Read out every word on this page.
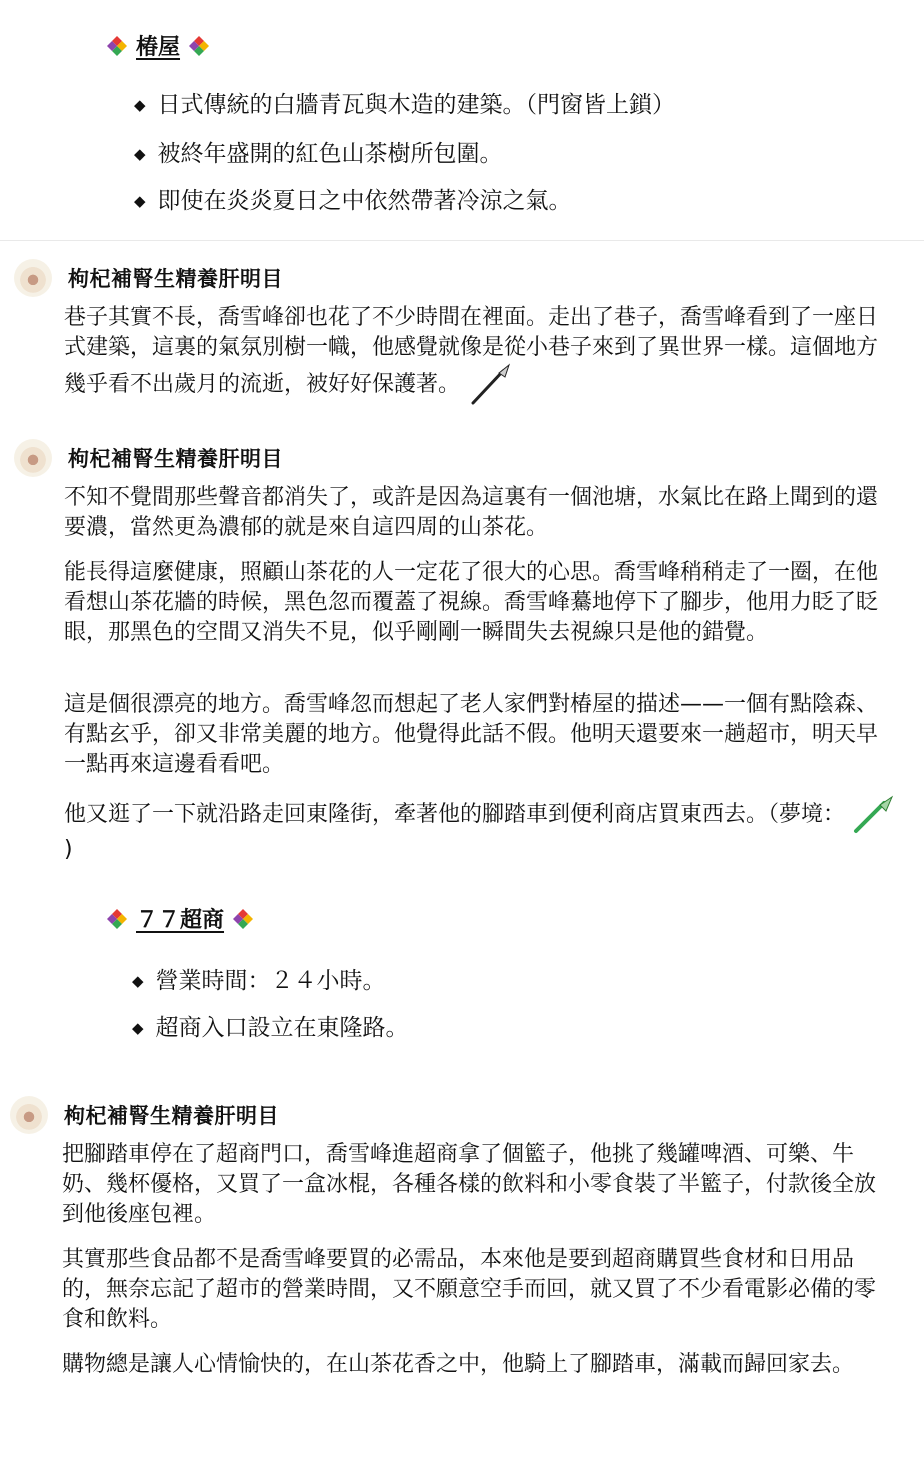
椿屋
◆ 日式傳統的白牆青瓦與木造的建築。（門窗皆上鎖）
◆ 被終年盛開的紅色山茶樹所包圍。
◆ 即使在炎炎夏日之中依然帶著冷涼之氣。
枸杞補腎生精養肝明目

巷子其實不長，喬雪峰卻也花了不少時間在裡面。走出了巷子，喬雪峰看到了一座日式建築，這裏的氣氛別樹一幟，他感覺就像是從小巷子來到了異世界一樣。這個地方幾乎看不出歲月的流逝，被好好保護著。

枸杞補腎生精養肝明目

不知不覺間那些聲音都消失了，或許是因為這裏有一個池塘，水氣比在路上聞到的還要濃，當然更為濃郁的就是來自這四周的山茶花。

能長得這麼健康，照顧山茶花的人一定花了很大的心思。喬雪峰稍稍走了一圈，在他看想山茶花牆的時候，黑色忽而覆蓋了視線。喬雪峰驀地停下了腳步，他用力眨了眨眼，那黑色的空間又消失不見，似乎剛剛一瞬間失去視線只是他的錯覺。

這是個很漂亮的地方。喬雪峰忽而想起了老人家們對椿屋的描述——一個有點陰森、有點玄乎，卻又非常美麗的地方。他覺得此話不假。他明天還要來一趟超市，明天早一點再來這邊看看吧。

他又逛了一下就沿路走回東隆街，牽著他的腳踏車到便利商店買東西去。（夢境：  )

７７超商
◆ 營業時間：２４小時。
◆ 超商入口設立在東隆路。
枸杞補腎生精養肝明目

把腳踏車停在了超商門口，喬雪峰進超商拿了個籃子，他挑了幾罐啤酒、可樂、牛奶、幾杯優格，又買了一盒冰棍，各種各樣的飲料和小零食裝了半籃子，付款後全放到他後座包裡。

其實那些食品都不是喬雪峰要買的必需品，本來他是要到超商購買些食材和日用品的，無奈忘記了超市的營業時間，又不願意空手而回，就又買了不少看電影必備的零食和飲料。

購物總是讓人心情愉快的，在山茶花香之中，他騎上了腳踏車，滿載而歸回家去。
